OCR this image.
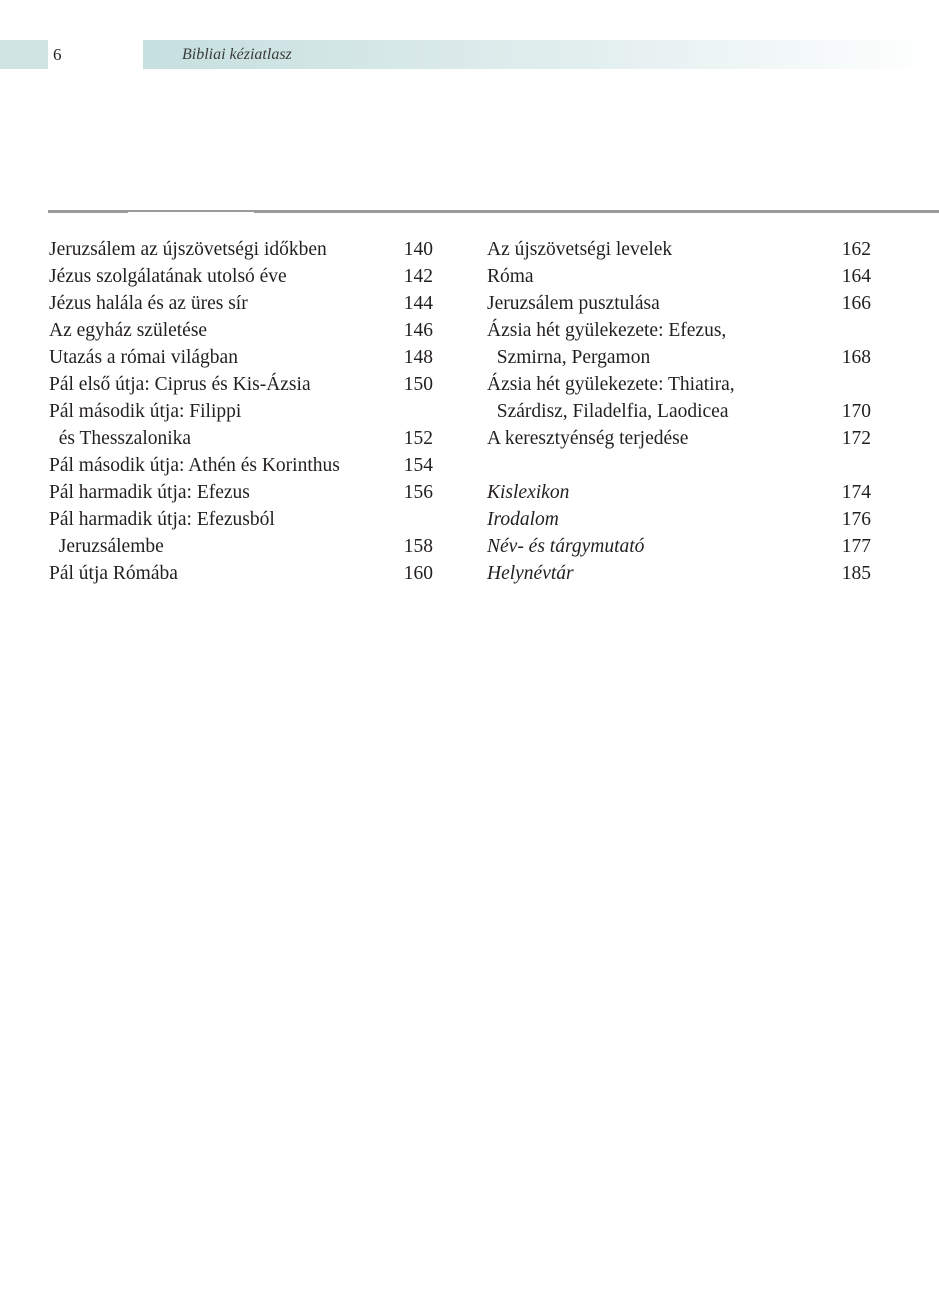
6	Bibliai kéziatlasz
Jeruzsálem az újszövetségi időkben	140
Jézus szolgálatának utolsó éve	142
Jézus halála és az üres sír	144
Az egyház születése	146
Utazás a római világban	148
Pál első útja: Ciprus és Kis-Ázsia	150
Pál második útja: Filippi
és Thesszalonika	152
Pál második útja: Athén és Korinthus	154
Pál harmadik útja: Efezus	156
Pál harmadik útja: Efezusból
Jeruzsálembe	158
Pál útja Rómába	160
Az újszövetségi levelek	162
Róma	164
Jeruzsálem pusztulása	166
Ázsia hét gyülekezete: Efezus,
Szmirna, Pergamon	168
Ázsia hét gyülekezete: Thiatira,
Szárdisz, Filadelfia, Laodicea	170
A keresztyénség terjedése	172
Kislexikon	174
Irodalom	176
Név- és tárgymutató	177
Helynévtár	185
